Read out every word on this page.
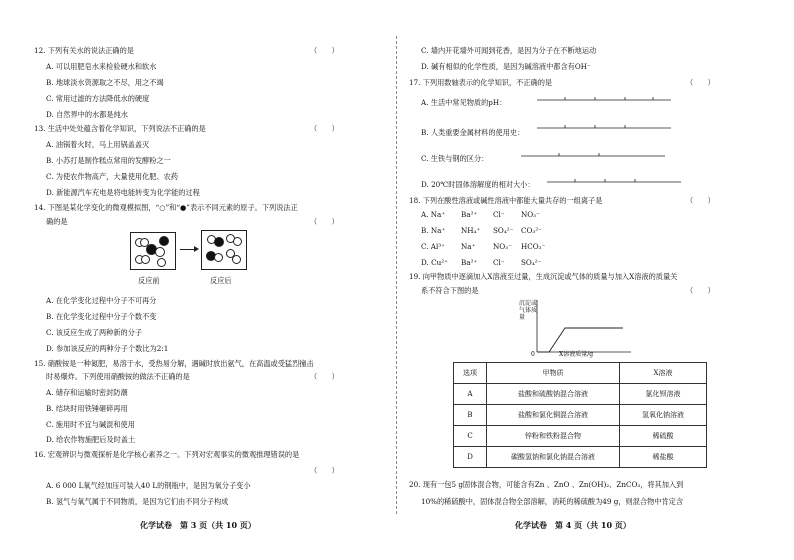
12. 下列有关水的说法正确的是	（　　）
A. 可以用肥皂水来检验硬水和软水
B. 地球淡水资源取之不尽，用之不竭
C. 常用过滤的方法降低水的硬度
D. 自然界中的水都是纯水
13. 生活中处处蕴含着化学知识，下列说法不正确的是	（　　）
A. 油锅着火时，马上用锅盖盖灭
B. 小苏打是制作糕点常用的发酵粉之一
C. 为使农作物高产，大量使用化肥、农药
D. 新能源汽车充电是将电能转变为化学能的过程
14. 下图是某化学变化的微观模拟图，“○”和“●”表示不同元素的原子。下列说法正
确的是	（　　）
反应前	反应后
A. 在化学变化过程中分子不可再分
B. 在化学变化过程中分子个数不变
C. 该反应生成了两种新的分子
D. 参加该反应的两种分子个数比为2:1
15. 硝酸铵是一种氮肥，易溶于水，受热易分解，遇碱时放出氨气，在高温或受猛烈撞击
时易爆炸。下列使用硝酸铵的做法不正确的是	（　　）
A. 储存和运输时密封防潮
B. 结块时用铁锤砸碎再用
C. 施用时不宜与碱混和使用
D. 给农作物施肥后及时盖土
16. 宏观辨识与微观探析是化学核心素养之一。下列对宏观事实的微观推理错误的是
（　　）
A. 6 000 L氧气经加压可装入40 L的钢瓶中，是因为氧分子变小
B. 氢气与氧气属于不同物质，是因为它们由不同分子构成
化学试卷　第 3 页（共 10 页）
C. 墙内开花墙外可闻到花香，是因为分子在不断地运动
D. 碱有相似的化学性质，是因为碱溶液中都含有OH⁻
17. 下列用数轴表示的化学知识，不正确的是	（　　）
A. 生活中常见物质的pH：
B. 人类重要金属材料的使用史：
C. 生铁与钢的区分：
D. 20℃时固体溶解度的相对大小：
18. 下列在酸性溶液或碱性溶液中都能大量共存的一组离子是	（　　）
A. Na⁺ Ba²⁺ Cl⁻ NO₃⁻
B. Na⁺ NH₄⁺ SO₄²⁻ CO₃²⁻
C. Al³⁺ Na⁺ NO₃⁻ HCO₃⁻
D. Cu²⁺ Ba²⁺ Cl⁻ SO₄²⁻
19. 向甲物质中逐滴加入X溶液至过量，生成沉淀或气体的质量与加入X溶液的质量关
系不符合下图的是	（　　）
沉淀或气体质量
0	X溶液质量/g
选项	甲物质	X溶液
A	盐酸和硫酸钠混合溶液	氯化钡溶液
B	盐酸和氯化铜混合溶液	氢氧化钠溶液
C	锌粉和铁粉混合物	稀硫酸
D	碳酸氢钠和氯化钠混合溶液	稀盐酸
20. 现有一包5 g固体混合物，可能含有Zn 、ZnO 、Zn(OH)₂、ZnCO₃，将其加入到
10%的稀硫酸中，固体混合物全部溶解，消耗的稀硫酸为49 g，则混合物中肯定含
化学试卷　第 4 页（共 10 页）
